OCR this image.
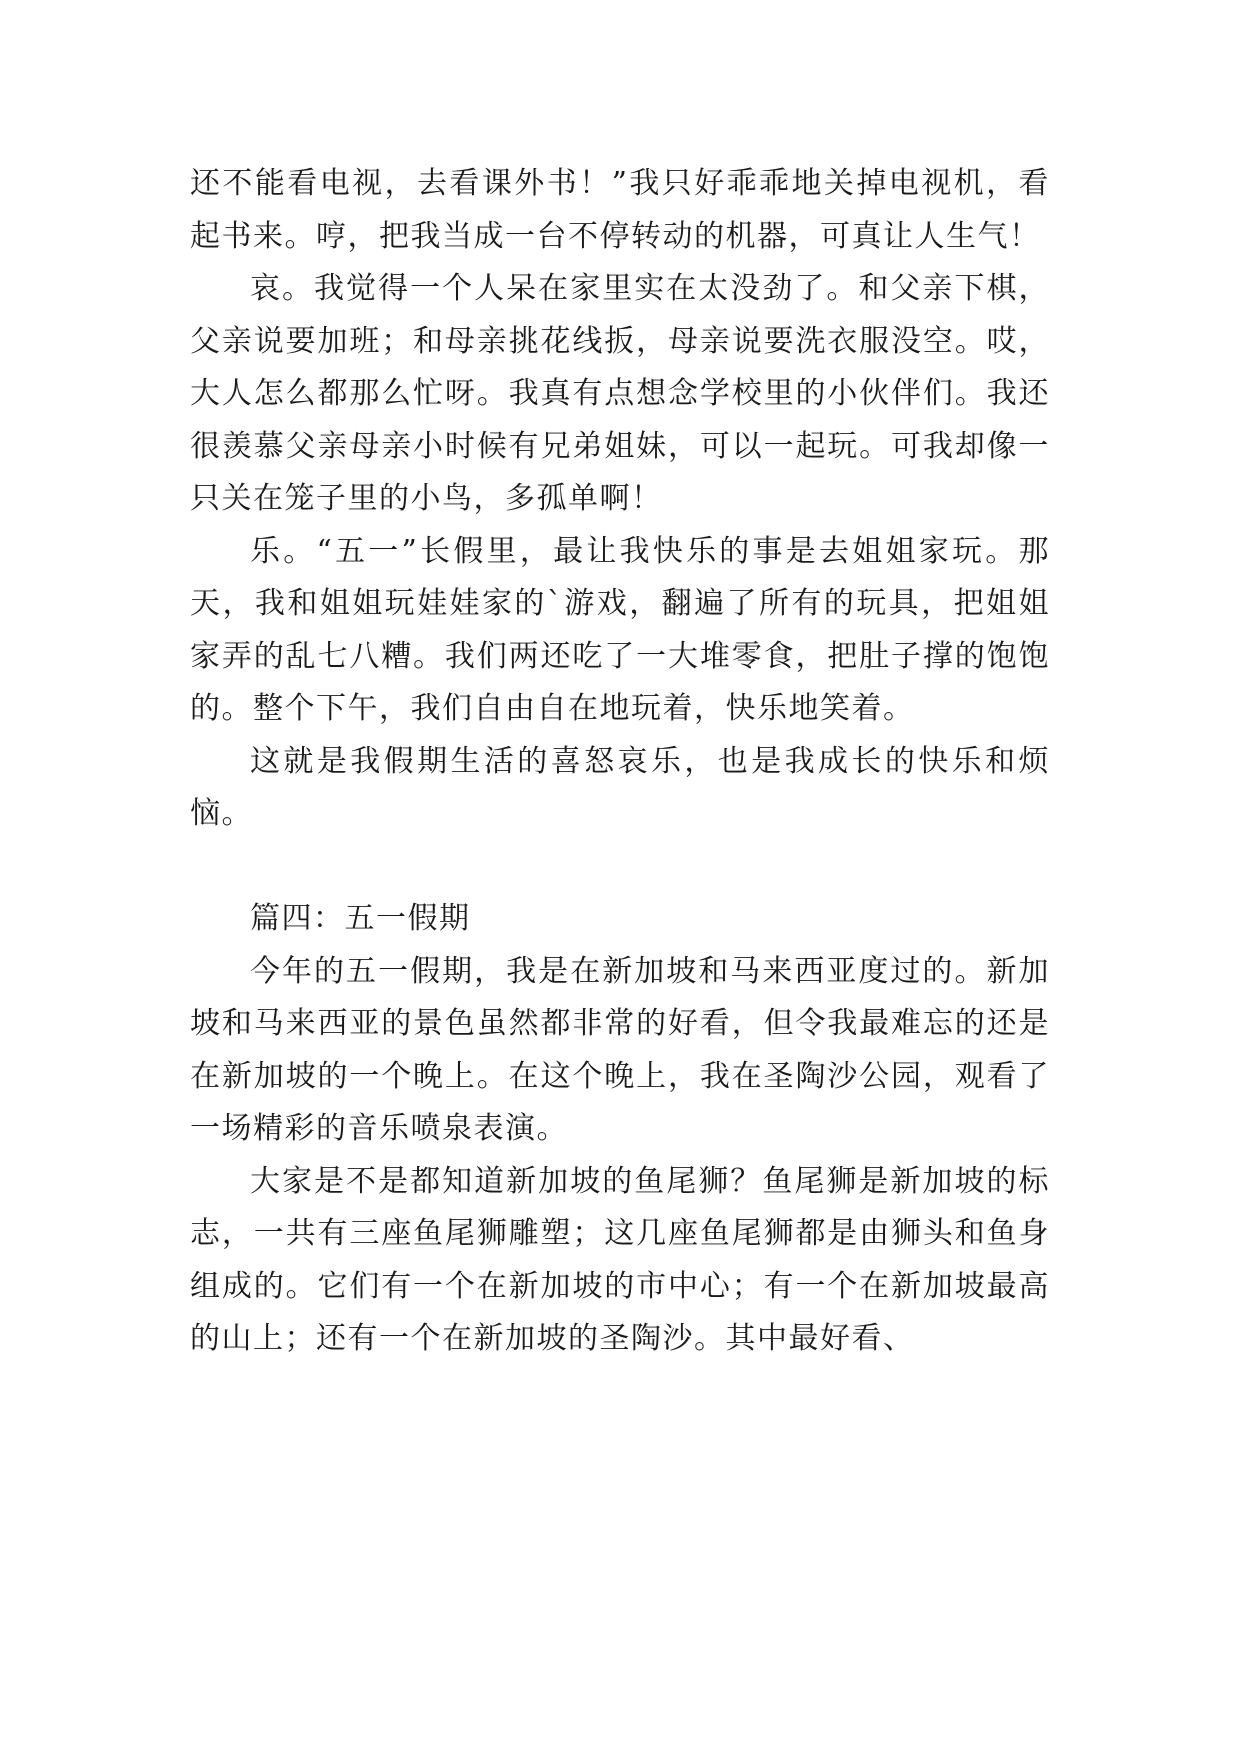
还不能看电视，去看课外书！”我只好乖乖地关掉电视机，看起书来。哼，把我当成一台不停转动的机器，可真让人生气！

哀。我觉得一个人呆在家里实在太没劲了。和父亲下棋，父亲说要加班；和母亲挑花线扳，母亲说要洗衣服没空。哎，大人怎么都那么忙呀。我真有点想念学校里的小伙伴们。我还很羡慕父亲母亲小时候有兄弟姐妹，可以一起玩。可我却像一只关在笼子里的小鸟，多孤单啊！

乐。“五一”长假里，最让我快乐的事是去姐姐家玩。那天，我和姐姐玩娃娃家的`游戏，翻遍了所有的玩具，把姐姐家弄的乱七八糟。我们两还吃了一大堆零食，把肚子撑的饱饱的。整个下午，我们自由自在地玩着，快乐地笑着。

这就是我假期生活的喜怒哀乐，也是我成长的快乐和烦恼。

篇四：五一假期

今年的五一假期，我是在新加坡和马来西亚度过的。新加坡和马来西亚的景色虽然都非常的好看，但令我最难忘的还是在新加坡的一个晚上。在这个晚上，我在圣陶沙公园，观看了一场精彩的音乐喷泉表演。

大家是不是都知道新加坡的鱼尾狮？鱼尾狮是新加坡的标志，一共有三座鱼尾狮雕塑；这几座鱼尾狮都是由狮头和鱼身组成的。它们有一个在新加坡的市中心；有一个在新加坡最高的山上；还有一个在新加坡的圣陶沙。其中最好看、
